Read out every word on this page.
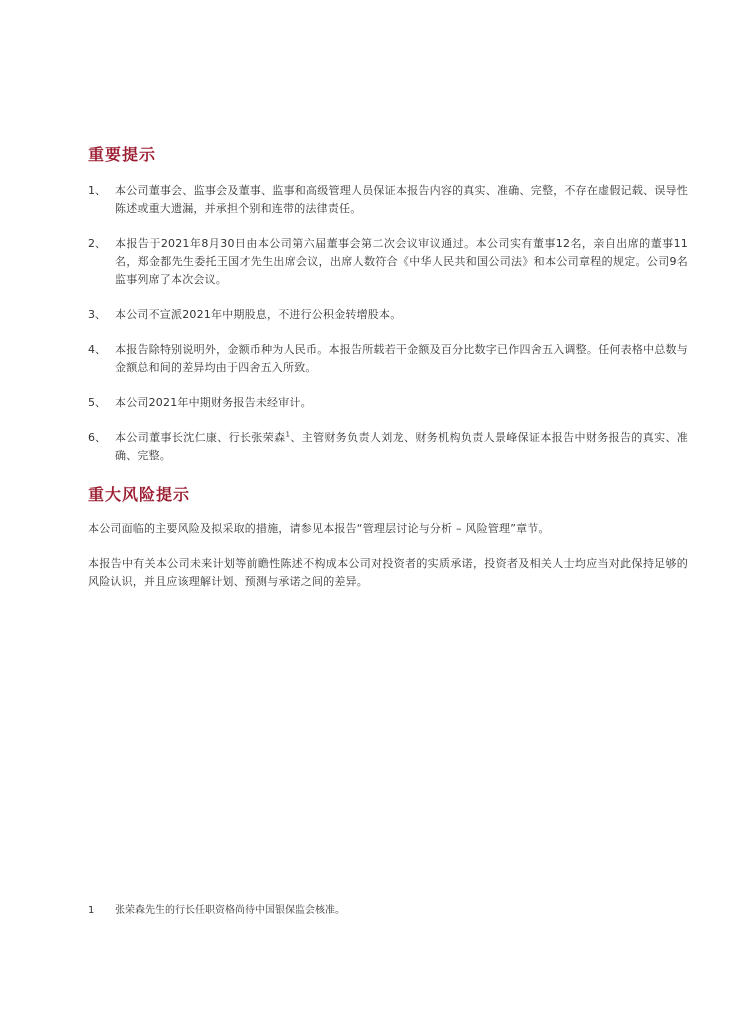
重要提示
1、 本公司董事会、监事会及董事、监事和高级管理人员保证本报告内容的真实、准确、完整，不存在虚假记载、误导性陈述或重大遗漏，并承担个别和连带的法律责任。
2、 本报告于2021年8月30日由本公司第六届董事会第二次会议审议通过。本公司实有董事12名，亲自出席的董事11名，郑金都先生委托王国才先生出席会议，出席人数符合《中华人民共和国公司法》和本公司章程的规定。公司9名监事列席了本次会议。
3、 本公司不宣派2021年中期股息，不进行公积金转增股本。
4、 本报告除特别说明外，金额币种为人民币。本报告所载若干金额及百分比数字已作四舍五入调整。任何表格中总数与金额总和间的差异均由于四舍五入所致。
5、 本公司2021年中期财务报告未经审计。
6、 本公司董事长沈仁康、行长张荣森$^1$、主管财务负责人刘龙、财务机构负责人景峰保证本报告中财务报告的真实、准确、完整。
重大风险提示

本公司面临的主要风险及拟采取的措施，请参见本报告“管理层讨论与分析 – 风险管理”章节。

本报告中有关本公司未来计划等前瞻性陈述不构成本公司对投资者的实质承诺，投资者及相关人士均应当对此保持足够的风险认识，并且应该理解计划、预测与承诺之间的差异。

1 张荣森先生的行长任职资格尚待中国银保监会核准。
